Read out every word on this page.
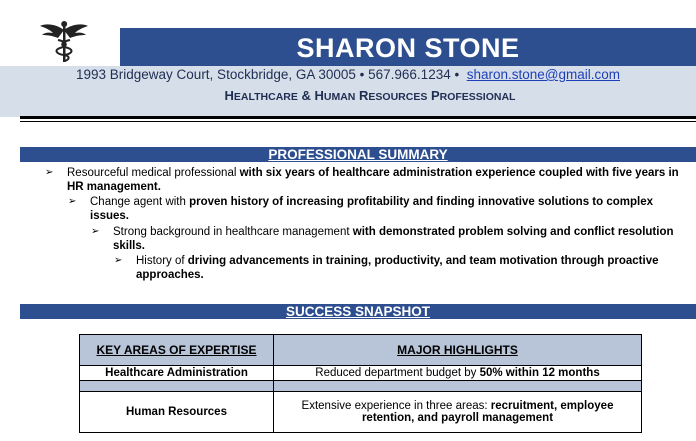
SHARON STONE
1993 Bridgeway Court, Stockbridge, GA 30005 • 567.966.1234 • sharon.stone@gmail.com
HEALTHCARE & HUMAN RESOURCES PROFESSIONAL
PROFESSIONAL SUMMARY
➢ Resourceful medical professional with six years of healthcare administration experience coupled with five years in HR management.
➢ Change agent with proven history of increasing profitability and finding innovative solutions to complex issues.
➢ Strong background in healthcare management with demonstrated problem solving and conflict resolution skills.
➢ History of driving advancements in training, productivity, and team motivation through proactive approaches.
SUCCESS SNAPSHOT
KEY AREAS OF EXPERTISE	MAJOR HIGHLIGHTS
Healthcare Administration	Reduced department budget by 50% within 12 months

Human Resources	Extensive experience in three areas: recruitment, employee retention, and payroll management
